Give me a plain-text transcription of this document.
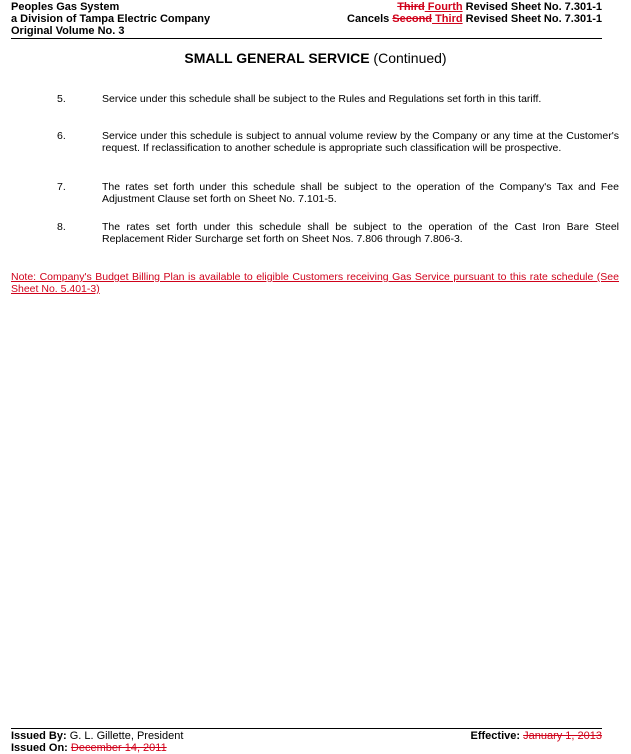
Peoples Gas System	Third Fourth Revised Sheet No. 7.301-1
a Division of Tampa Electric Company	Cancels Second Third Revised Sheet No. 7.301-1
Original Volume No. 3
SMALL GENERAL SERVICE (Continued)
5.	Service under this schedule shall be subject to the Rules and Regulations set forth in this tariff.
6.	Service under this schedule is subject to annual volume review by the Company or any time at the Customer's request. If reclassification to another schedule is appropriate such classification will be prospective.
7.	The rates set forth under this schedule shall be subject to the operation of the Company's Tax and Fee Adjustment Clause set forth on Sheet No. 7.101-5.
8.	The rates set forth under this schedule shall be subject to the operation of the Cast Iron Bare Steel Replacement Rider Surcharge set forth on Sheet Nos. 7.806 through 7.806-3.
Note: Company's Budget Billing Plan is available to eligible Customers receiving Gas Service pursuant to this rate schedule (See Sheet No. 5.401-3)
Issued By: G. L. Gillette, President	Effective: January 1, 2013
Issued On: December 14, 2011
